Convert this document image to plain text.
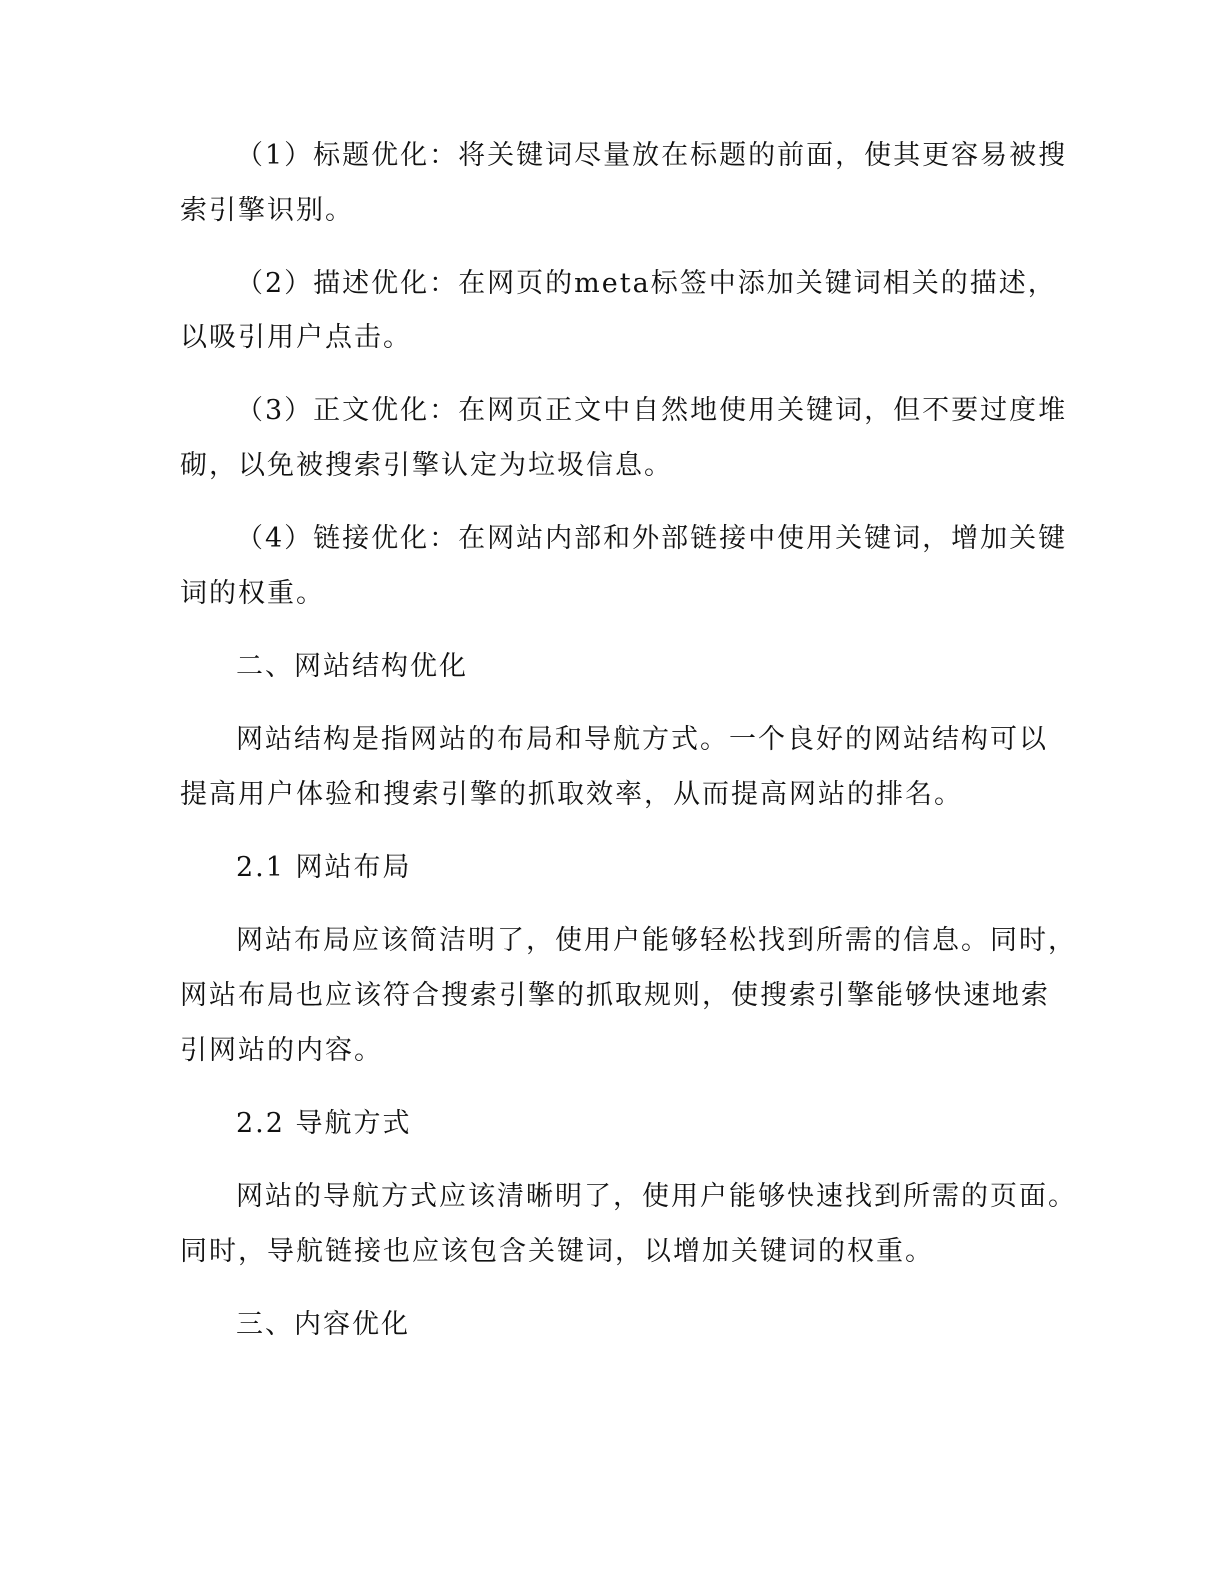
（1）标题优化：将关键词尽量放在标题的前面，使其更容易被搜
索引擎识别。
（2）描述优化：在网页的meta标签中添加关键词相关的描述，
以吸引用户点击。
（3）正文优化：在网页正文中自然地使用关键词，但不要过度堆
砌，以免被搜索引擎认定为垃圾信息。
（4）链接优化：在网站内部和外部链接中使用关键词，增加关键
词的权重。
二、网站结构优化
网站结构是指网站的布局和导航方式。一个良好的网站结构可以
提高用户体验和搜索引擎的抓取效率，从而提高网站的排名。
2.1 网站布局
网站布局应该简洁明了，使用户能够轻松找到所需的信息。同时，
网站布局也应该符合搜索引擎的抓取规则，使搜索引擎能够快速地索
引网站的内容。
2.2 导航方式
网站的导航方式应该清晰明了，使用户能够快速找到所需的页面。
同时，导航链接也应该包含关键词，以增加关键词的权重。
三、内容优化
